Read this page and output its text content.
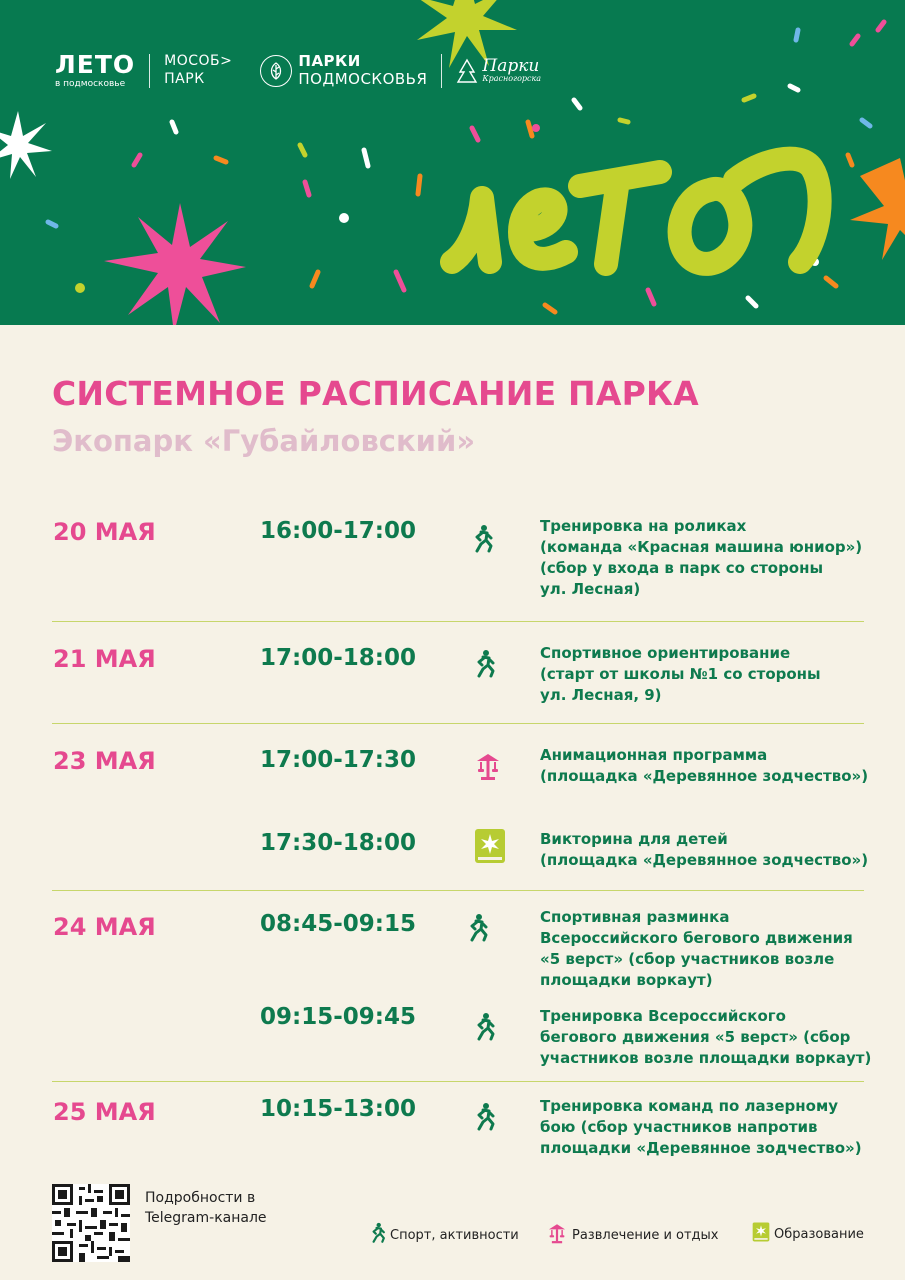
ЛЕТО
в подмосковье
МОСОБ>
ПАРК
ПАРКИ
ПОДМОСКОВЬЯ
Парки
Красногорска
СИСТЕМНОЕ РАСПИСАНИЕ ПАРКА
Экопарк «Губайловский»
20 МАЯ	16:00-17:00	Тренировка на роликах
(команда «Красная машина юниор»)
(сбор у входа в парк со стороны
ул. Лесная)
21 МАЯ	17:00-18:00	Спортивное ориентирование
(старт от школы №1 со стороны
ул. Лесная, 9)
23 МАЯ	17:00-17:30	Анимационная программа
(площадка «Деревянное зодчество»)
17:30-18:00	Викторина для детей
(площадка «Деревянное зодчество»)
24 МАЯ	08:45-09:15	Спортивная разминка
Всероссийского бегового движения
«5 верст» (сбор участников возле
площадки воркаут)
09:15-09:45	Тренировка Всероссийского
бегового движения «5 верст» (сбор
участников возле площадки воркаут)
25 МАЯ	10:15-13:00	Тренировка команд по лазерному
бою (сбор участников напротив
площадки «Деревянное зодчество»)
Подробности в
Telegram-канале
Спорт, активности	Развлечение и отдых	Образование
